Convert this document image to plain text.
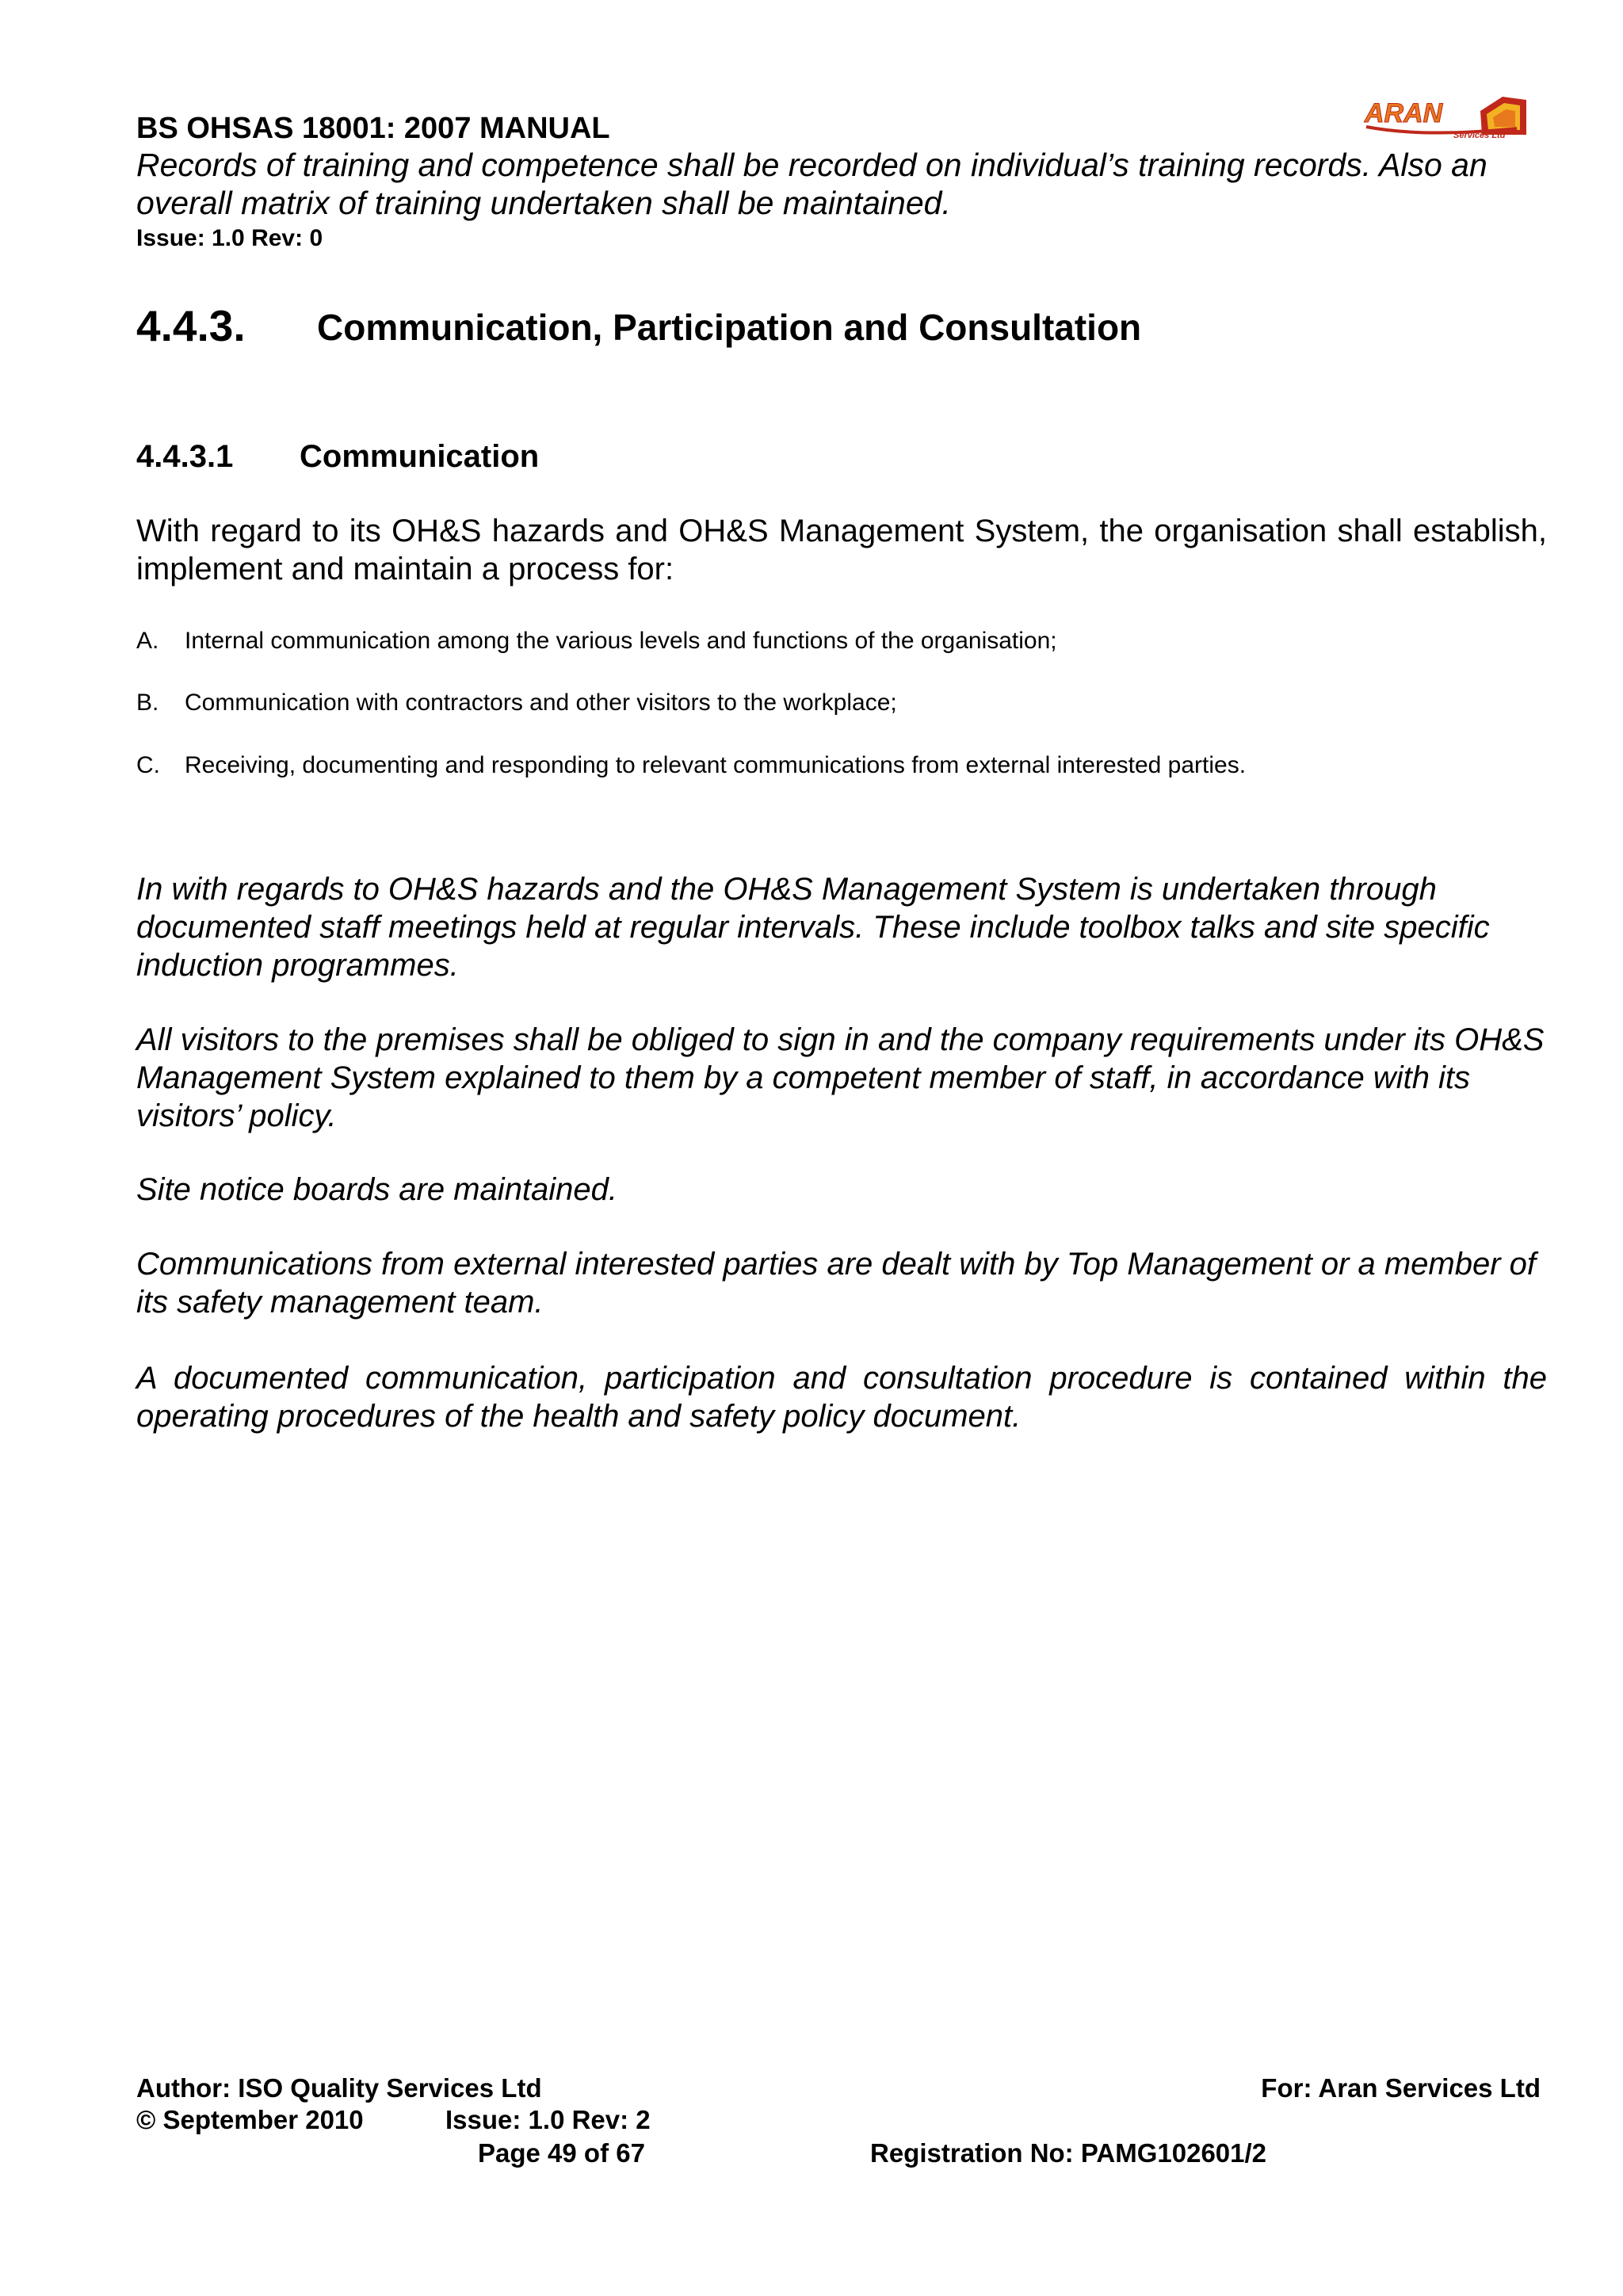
BS OHSAS 18001: 2007 MANUAL	ARAN
Services Ltd

Records of training and competence shall be recorded on individual’s training records. Also an overall matrix of training undertaken shall be maintained.

Issue: 1.0 Rev: 0

4.4.3. Communication, Participation and Consultation

4.4.3.1 Communication

With regard to its OH&S hazards and OH&S Management System, the organisation shall establish, implement and maintain a process for:

A. Internal communication among the various levels and functions of the organisation;
B. Communication with contractors and other visitors to the workplace;
C. Receiving, documenting and responding to relevant communications from external interested parties.

In with regards to OH&S hazards and the OH&S Management System is undertaken through documented staff meetings held at regular intervals. These include toolbox talks and site specific induction programmes.

All visitors to the premises shall be obliged to sign in and the company requirements under its OH&S Management System explained to them by a competent member of staff, in accordance with its visitors’ policy.

Site notice boards are maintained.

Communications from external interested parties are dealt with by Top Management or a member of its safety management team.

A documented communication, participation and consultation procedure is contained within the operating procedures of the health and safety policy document.

Author: ISO Quality Services Ltd	For: Aran Services Ltd

© September 2010	Issue: 1.0 Rev: 2

Page 49 of 67	Registration No: PAMG102601/2
